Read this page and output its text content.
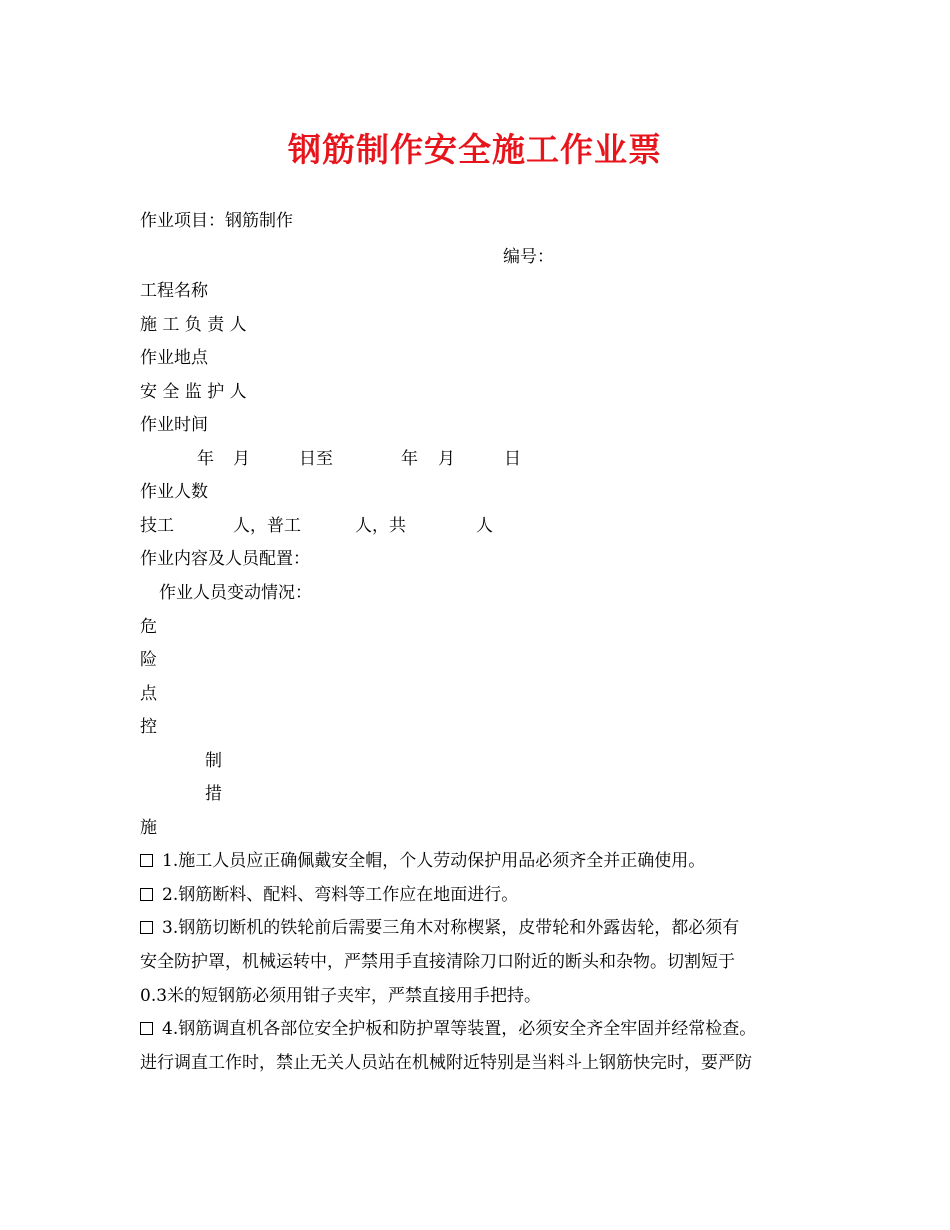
钢筋制作安全施工作业票
作业项目：钢筋制作
编号：
工程名称
施 工 负 责 人
作业地点
安 全 监 护 人
作业时间
年 月	日至	年 月	日
作业人数
技工	人，普工	人，共	人
作业内容及人员配置：
作业人员变动情况：
危
险
点
控
制
措
施
1.施工人员应正确佩戴安全帽，个人劳动保护用品必须齐全并正确使用。
2.钢筋断料、配料、弯料等工作应在地面进行。
3.钢筋切断机的铁轮前后需要三角木对称楔紧，皮带轮和外露齿轮，都必须有
安全防护罩，机械运转中，严禁用手直接清除刀口附近的断头和杂物。切割短于
0.3米的短钢筋必须用钳子夹牢，严禁直接用手把持。
4.钢筋调直机各部位安全护板和防护罩等装置，必须安全齐全牢固并经常检查。
进行调直工作时，禁止无关人员站在机械附近特别是当料斗上钢筋快完时，要严防
